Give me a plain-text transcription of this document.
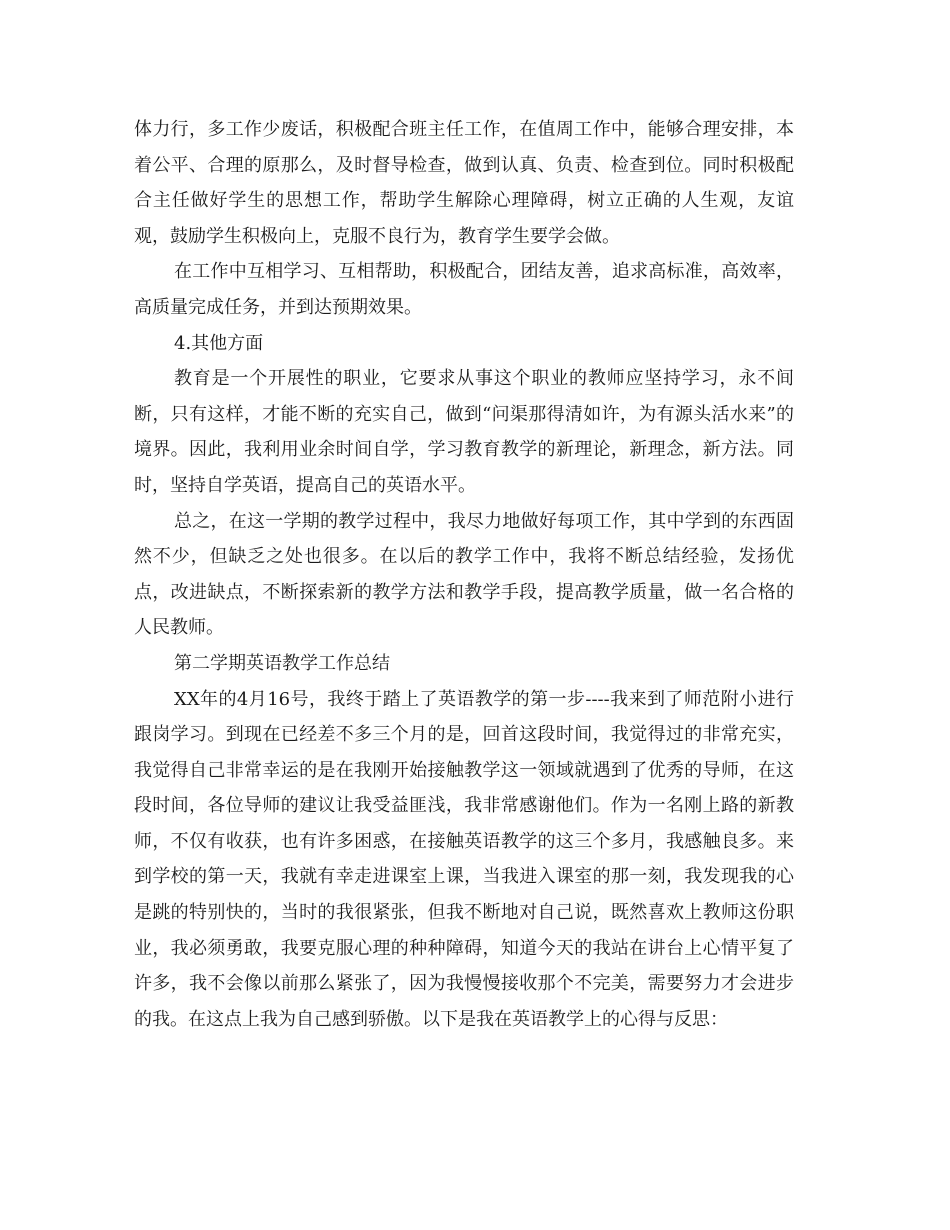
体力行，多工作少废话，积极配合班主任工作，在值周工作中，能够合理安排，本着公平、合理的原那么，及时督导检查，做到认真、负责、检查到位。同时积极配合主任做好学生的思想工作，帮助学生解除心理障碍，树立正确的人生观，友谊观，鼓励学生积极向上，克服不良行为，教育学生要学会做。

在工作中互相学习、互相帮助，积极配合，团结友善，追求高标准，高效率，高质量完成任务，并到达预期效果。

4.其他方面

教育是一个开展性的职业，它要求从事这个职业的教师应坚持学习，永不间断，只有这样，才能不断的充实自己，做到“问渠那得清如许，为有源头活水来”的境界。因此，我利用业余时间自学，学习教育教学的新理论，新理念，新方法。同时，坚持自学英语，提高自己的英语水平。

总之，在这一学期的教学过程中，我尽力地做好每项工作，其中学到的东西固然不少，但缺乏之处也很多。在以后的教学工作中，我将不断总结经验，发扬优点，改进缺点，不断探索新的教学方法和教学手段，提高教学质量，做一名合格的人民教师。

第二学期英语教学工作总结

XX年的4月16号，我终于踏上了英语教学的第一步----我来到了师范附小进行跟岗学习。到现在已经差不多三个月的是，回首这段时间，我觉得过的非常充实，我觉得自己非常幸运的是在我刚开始接触教学这一领域就遇到了优秀的导师，在这段时间，各位导师的建议让我受益匪浅，我非常感谢他们。作为一名刚上路的新教师，不仅有收获，也有许多困惑，在接触英语教学的这三个多月，我感触良多。来到学校的第一天，我就有幸走进课室上课，当我进入课室的那一刻，我发现我的心是跳的特别快的，当时的我很紧张，但我不断地对自己说，既然喜欢上教师这份职业，我必须勇敢，我要克服心理的种种障碍，知道今天的我站在讲台上心情平复了许多，我不会像以前那么紧张了，因为我慢慢接收那个不完美，需要努力才会进步的我。在这点上我为自己感到骄傲。以下是我在英语教学上的心得与反思：
